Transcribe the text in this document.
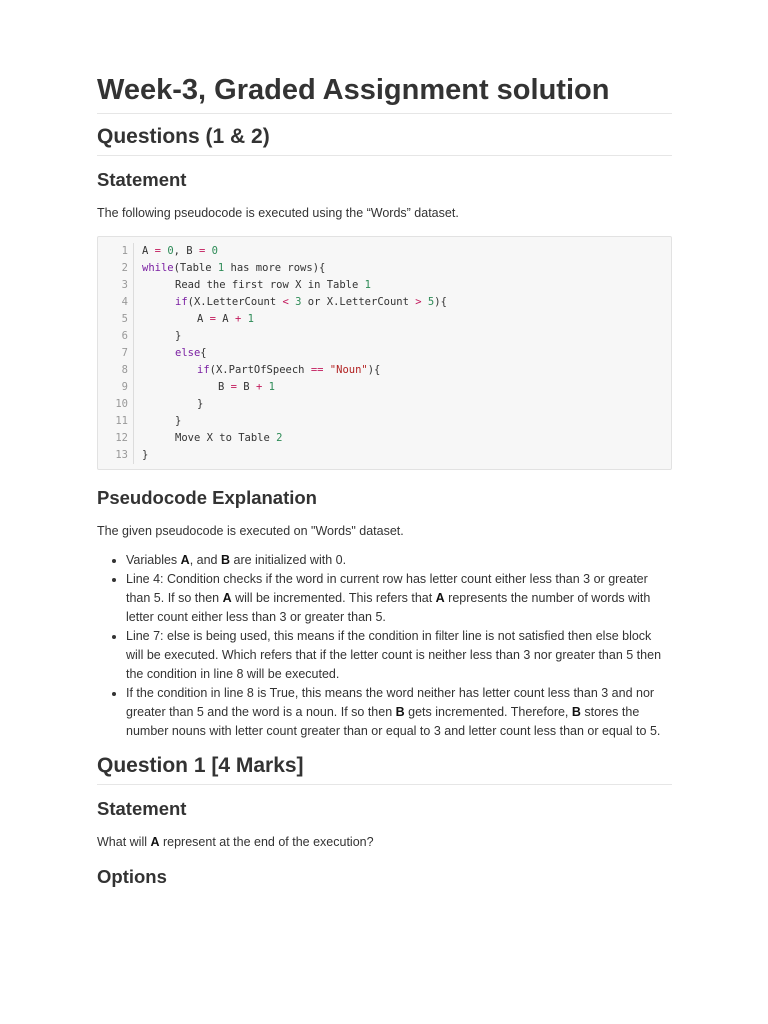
Week-3, Graded Assignment solution
Questions (1 & 2)
Statement

The following pseudocode is executed using the “Words” dataset.

1	A = 0, B = 0
2	while(Table 1 has more rows){
3	Read the first row X in Table 1
4	if(X.LetterCount < 3 or X.LetterCount > 5){
5	A = A + 1
6	}
7	else{
8	if(X.PartOfSpeech == "Noun"){
9	B = B + 1
10	}
11	}
12	Move X to Table 2
13	}
Pseudocode Explanation

The given pseudocode is executed on "Words" dataset.

• Variables A, and B are initialized with 0.
• Line 4: Condition checks if the word in current row has letter count either less than 3 or greater than 5. If so then A will be incremented. This refers that A represents the number of words with letter count either less than 3 or greater than 5.
• Line 7: else is being used, this means if the condition in filter line is not satisfied then else block will be executed. Which refers that if the letter count is neither less than 3 nor greater than 5 then the condition in line 8 will be executed.
• If the condition in line 8 is True, this means the word neither has letter count less than 3 and nor greater than 5 and the word is a noun. If so then B gets incremented. Therefore, B stores the number nouns with letter count greater than or equal to 3 and letter count less than or equal to 5.
Question 1 [4 Marks]
Statement

What will A represent at the end of the execution?

Options
